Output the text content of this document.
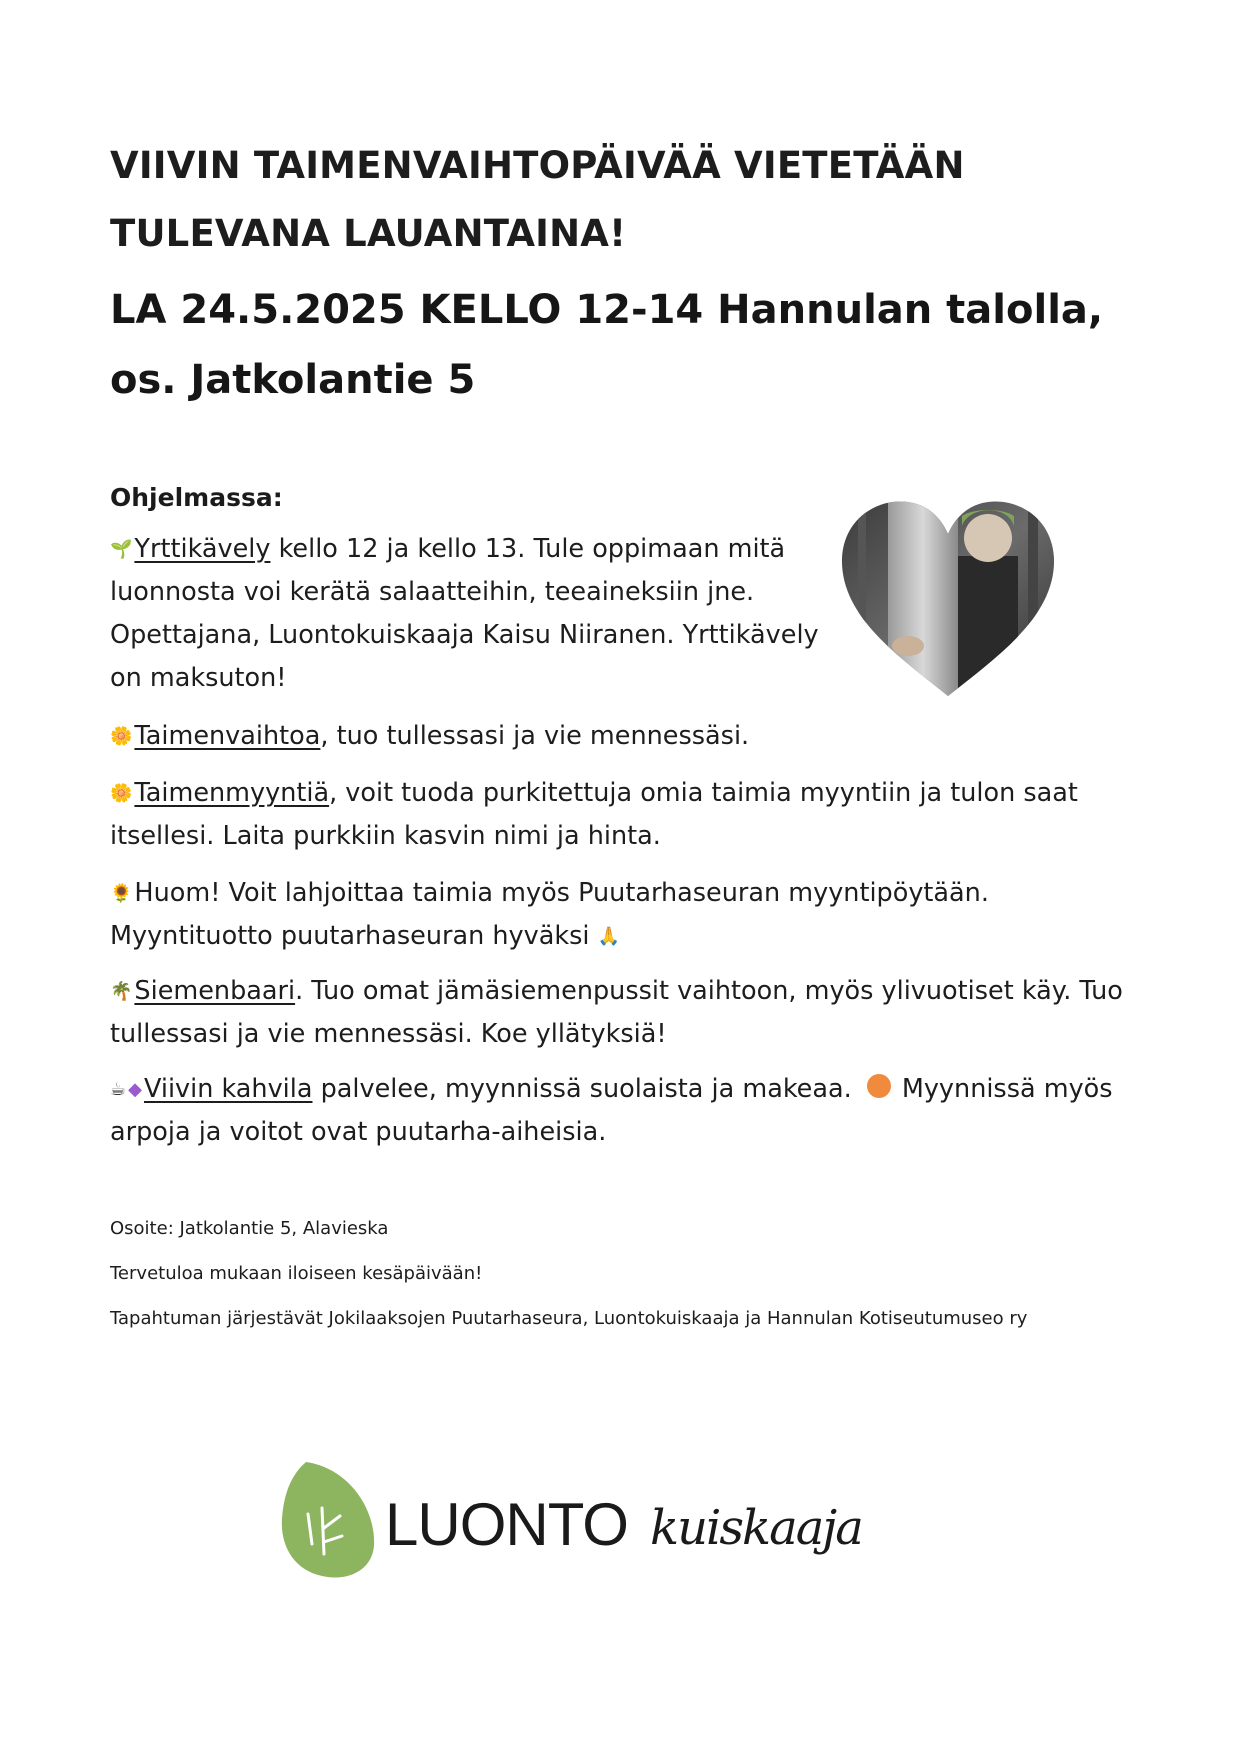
VIIVIN TAIMENVAIHTOPÄIVÄÄ VIETETÄÄN
TULEVANA LAUANTAINA!
LA 24.5.2025 KELLO 12-14 Hannulan talolla,
os. Jatkolantie 5
Ohjelmassa:
🌱Yrttikävely kello 12 ja kello 13. Tule oppimaan mitä
luonnosta voi kerätä salaatteihin, teeaineksiin jne.
Opettajana, Luontokuiskaaja Kaisu Niiranen. Yrttikävely
on maksuton!
🌼Taimenvaihtoa, tuo tullessasi ja vie mennessäsi.
🌼Taimenmyyntiä, voit tuoda purkitettuja omia taimia myyntiin ja tulon saat
itsellesi. Laita purkkiin kasvin nimi ja hinta.
🌻Huom! Voit lahjoittaa taimia myös Puutarhaseuran myyntipöytään.
Myyntituotto puutarhaseuran hyväksi 🙏
🌴Siemenbaari. Tuo omat jämäsiemenpussit vaihtoon, myös ylivuotiset käy. Tuo
tullessasi ja vie mennessäsi. Koe yllätyksiä!
☕ ◆Viivin kahvila palvelee, myynnissä suolaista ja makeaa. Myynnissä myös
arpoja ja voitot ovat puutarha-aiheisia.
Osoite: Jatkolantie 5, Alavieska
Tervetuloa mukaan iloiseen kesäpäivään!
Tapahtuman järjestävät Jokilaaksojen Puutarhaseura, Luontokuiskaaja ja Hannulan Kotiseutumuseo ry
LUONTO kuiskaaja
